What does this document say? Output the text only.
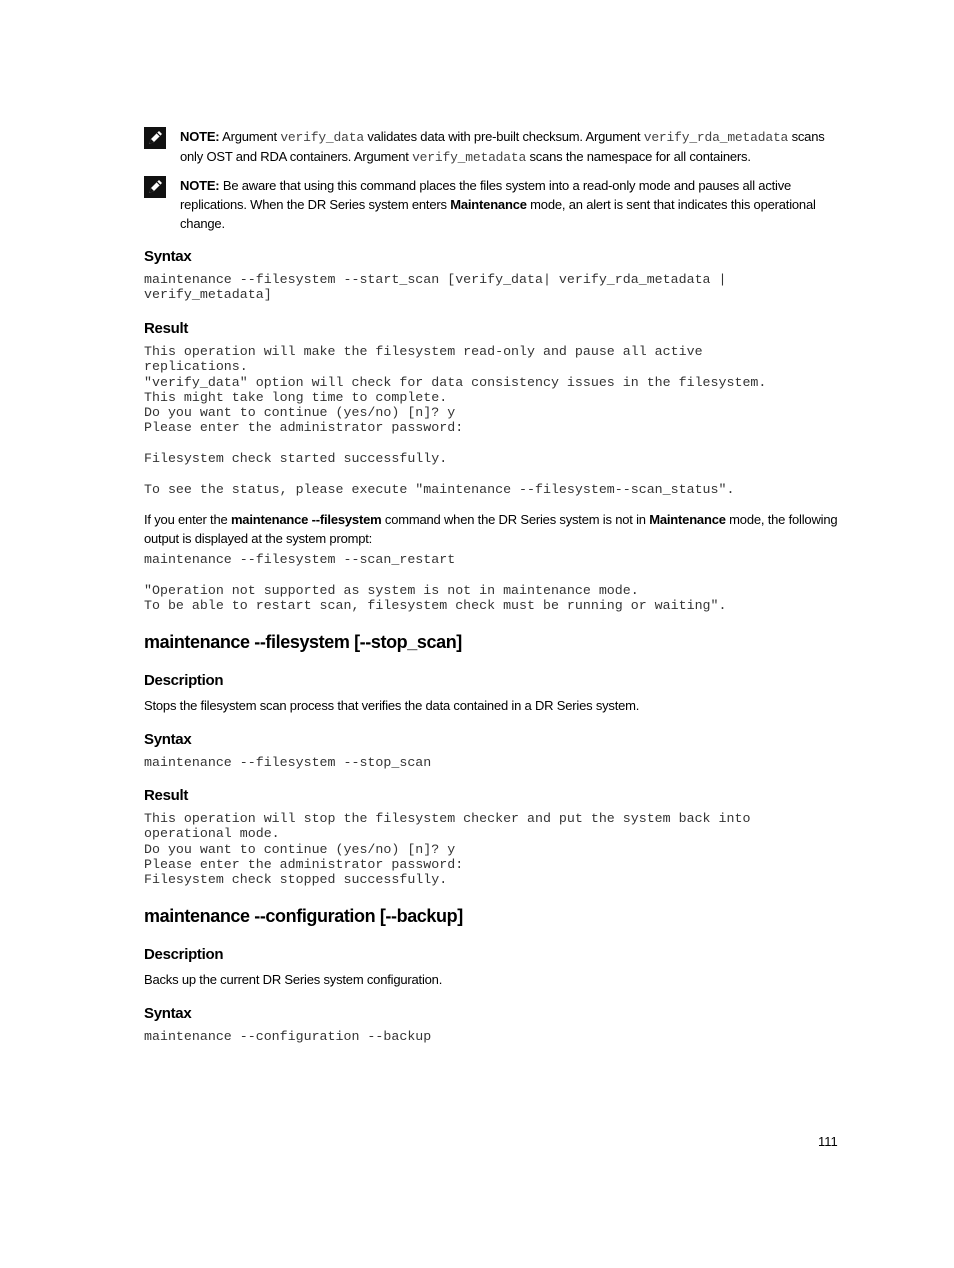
NOTE: Argument verify_data validates data with pre-built checksum. Argument verify_rda_metadata scans only OST and RDA containers. Argument verify_metadata scans the namespace for all containers.
NOTE: Be aware that using this command places the files system into a read-only mode and pauses all active replications. When the DR Series system enters Maintenance mode, an alert is sent that indicates this operational change.
Syntax
maintenance --filesystem --start_scan [verify_data| verify_rda_metadata |
verify_metadata]
Result
This operation will make the filesystem read-only and pause all active
replications.
"verify_data" option will check for data consistency issues in the filesystem.
This might take long time to complete.
Do you want to continue (yes/no) [n]? y
Please enter the administrator password:

Filesystem check started successfully.

To see the status, please execute "maintenance --filesystem--scan_status".
If you enter the maintenance --filesystem command when the DR Series system is not in Maintenance mode, the following output is displayed at the system prompt:
maintenance --filesystem --scan_restart

"Operation not supported as system is not in maintenance mode.
To be able to restart scan, filesystem check must be running or waiting".
maintenance --filesystem [--stop_scan]
Description
Stops the filesystem scan process that verifies the data contained in a DR Series system.
Syntax
maintenance --filesystem --stop_scan
Result
This operation will stop the filesystem checker and put the system back into
operational mode.
Do you want to continue (yes/no) [n]? y
Please enter the administrator password:
Filesystem check stopped successfully.
maintenance --configuration [--backup]
Description
Backs up the current DR Series system configuration.
Syntax
maintenance --configuration --backup
111
